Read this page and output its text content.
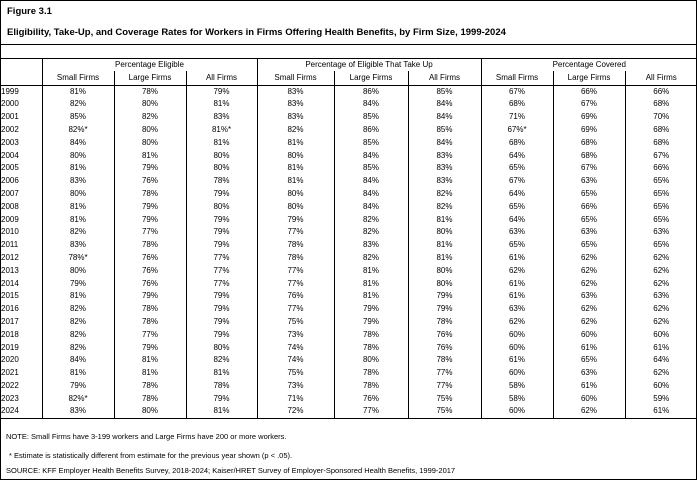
Figure 3.1
Eligibility, Take-Up, and Coverage Rates for Workers in Firms Offering Health Benefits, by Firm Size, 1999-2024
	Percentage Eligible			Percentage of Eligible That Take Up			Percentage Covered		
	Small Firms	Large Firms	All Firms	Small Firms	Large Firms	All Firms	Small Firms	Large Firms	All Firms
1999	81%	78%	79%	83%	86%	85%	67%	66%	66%
2000	82%	80%	81%	83%	84%	84%	68%	67%	68%
2001	85%	82%	83%	83%	85%	84%	71%	69%	70%
2002	82%*	80%	81%*	82%	86%	85%	67%*	69%	68%
2003	84%	80%	81%	81%	85%	84%	68%	68%	68%
2004	80%	81%	80%	80%	84%	83%	64%	68%	67%
2005	81%	79%	80%	81%	85%	83%	65%	67%	66%
2006	83%	76%	78%	81%	84%	83%	67%	63%	65%
2007	80%	78%	79%	80%	84%	82%	64%	65%	65%
2008	81%	79%	80%	80%	84%	82%	65%	66%	65%
2009	81%	79%	79%	79%	82%	81%	64%	65%	65%
2010	82%	77%	79%	77%	82%	80%	63%	63%	63%
2011	83%	78%	79%	78%	83%	81%	65%	65%	65%
2012	78%*	76%	77%	78%	82%	81%	61%	62%	62%
2013	80%	76%	77%	77%	81%	80%	62%	62%	62%
2014	79%	76%	77%	77%	81%	80%	61%	62%	62%
2015	81%	79%	79%	76%	81%	79%	61%	63%	63%
2016	82%	78%	79%	77%	79%	79%	63%	62%	62%
2017	82%	78%	79%	75%	79%	78%	62%	62%	62%
2018	82%	77%	79%	73%	78%	76%	60%	60%	60%
2019	82%	79%	80%	74%	78%	76%	60%	61%	61%
2020	84%	81%	82%	74%	80%	78%	61%	65%	64%
2021	81%	81%	81%	75%	78%	77%	60%	63%	62%
2022	79%	78%	78%	73%	78%	77%	58%	61%	60%
2023	82%*	78%	79%	71%	76%	75%	58%	60%	59%
2024	83%	80%	81%	72%	77%	75%	60%	62%	61%

NOTE: Small Firms have 3-199 workers and Large Firms have 200 or more workers.

* Estimate is statistically different from estimate for the previous year shown (p < .05).

SOURCE: KFF Employer Health Benefits Survey, 2018-2024; Kaiser/HRET Survey of Employer-Sponsored Health Benefits, 1999-2017
